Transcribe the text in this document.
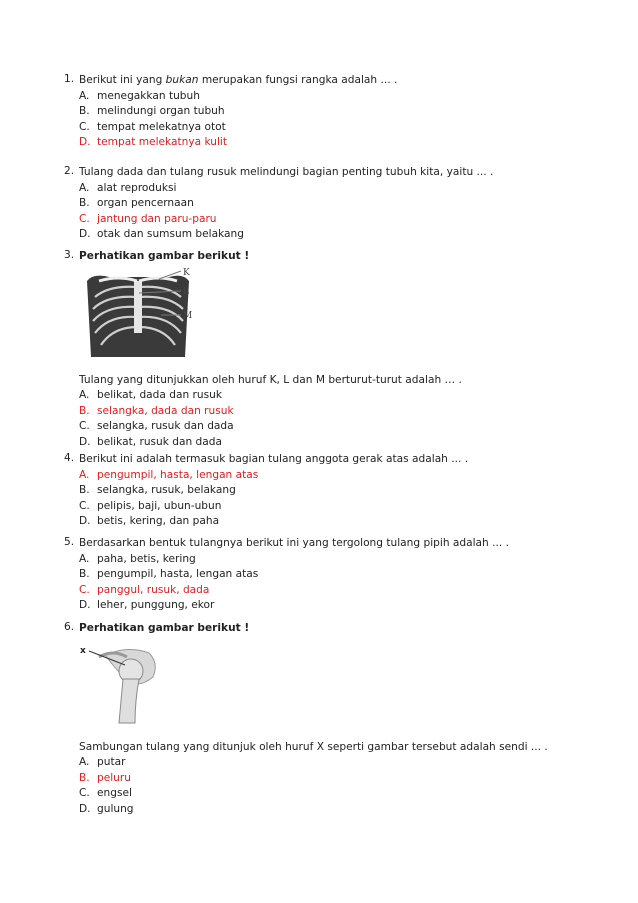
1. Berikut ini yang bukan merupakan fungsi rangka adalah ... .
A. menegakkan tubuh
B. melindungi organ tubuh
C. tempat melekatnya otot
D. tempat melekatnya kulit
2. Tulang dada dan tulang rusuk melindungi bagian penting tubuh kita, yaitu ... .
A. alat reproduksi
B. organ pencernaan
C. jantung dan paru-paru
D. otak dan sumsum belakang
3. Perhatikan gambar berikut !
K
L
M
Tulang yang ditunjukkan oleh huruf K, L dan M berturut-turut adalah … .
A. belikat, dada dan rusuk
B. selangka, dada dan rusuk
C. selangka, rusuk dan dada
D. belikat, rusuk dan dada
4. Berikut ini adalah termasuk bagian tulang anggota gerak atas adalah ... .
A. pengumpil, hasta, lengan atas
B. selangka, rusuk, belakang
C. pelipis, baji, ubun-ubun
D. betis, kering, dan paha
5. Berdasarkan bentuk tulangnya berikut ini yang tergolong tulang pipih adalah ... .
A. paha, betis, kering
B. pengumpil, hasta, lengan atas
C. panggul, rusuk, dada
D. leher, punggung, ekor
6. Perhatikan gambar berikut !
x
Sambungan tulang yang ditunjuk oleh huruf X seperti gambar tersebut adalah sendi ... .
A. putar
B. peluru
C. engsel
D. gulung
